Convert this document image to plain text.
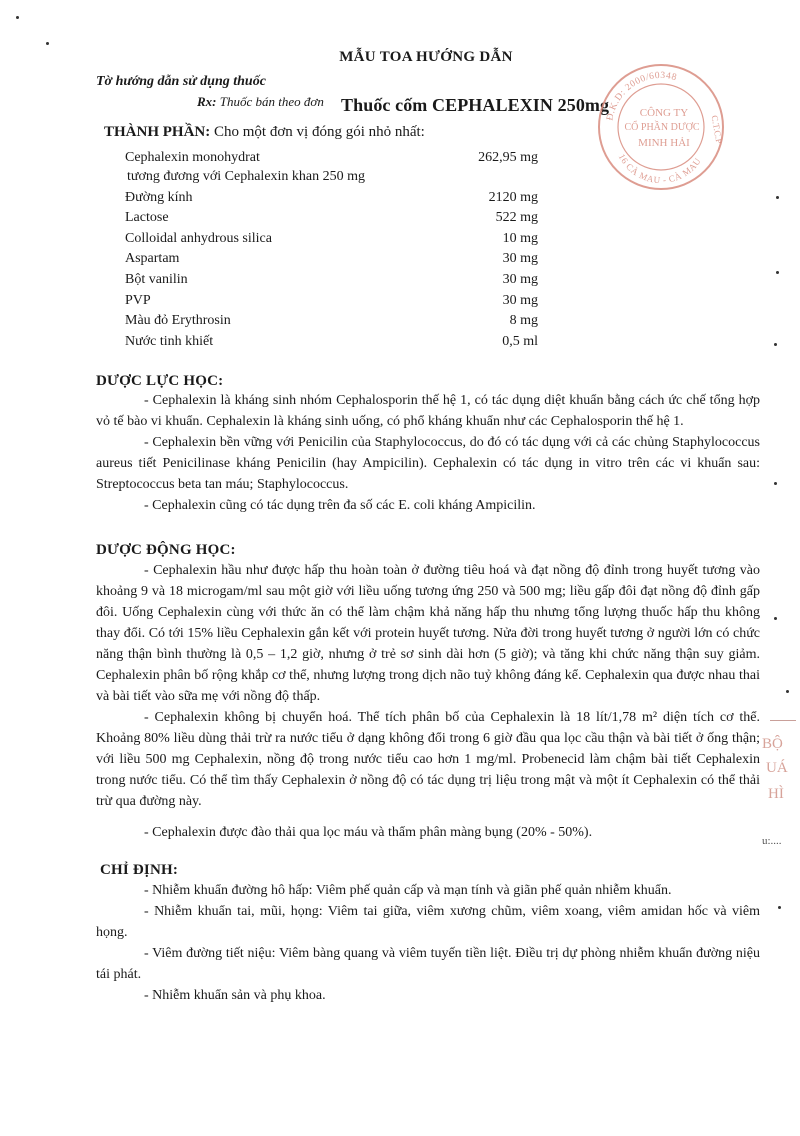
MẪU TOA HƯỚNG DẪN
Tờ hướng dẫn sử dụng thuốc
Rx: Thuốc bán theo đơn Thuốc cốm CEPHALEXIN 250mg
Đ.K.D: 2000/60348
16 CÀ MAU - CÀ MAU
C.T.C.P
CÔNG TY
CỔ PHẦN DƯỢC
MINH HẢI
THÀNH PHẦN: Cho một đơn vị đóng gói nhỏ nhất:
Cephalexin monohydrat	262,95 mg
tương đương với Cephalexin khan 250 mg
Đường kính	2120 mg
Lactose	522 mg
Colloidal anhydrous silica	10 mg
Aspartam	30 mg
Bột vanilin	30 mg
PVP	30 mg
Màu đỏ Erythrosin	8 mg
Nước tinh khiết	0,5 ml
DƯỢC LỰC HỌC:

- Cephalexin là kháng sinh nhóm Cephalosporin thế hệ 1, có tác dụng diệt khuẩn bằng cách ức chế tổng hợp vỏ tế bào vi khuẩn. Cephalexin là kháng sinh uống, có phổ kháng khuẩn như các Cephalosporin thế hệ 1.

- Cephalexin bền vững với Penicilin của Staphylococcus, do đó có tác dụng với cả các chủng Staphylococcus aureus tiết Penicilinase kháng Penicilin (hay Ampicilin). Cephalexin có tác dụng in vitro trên các vi khuẩn sau: Streptococcus beta tan máu; Staphylococcus.

- Cephalexin cũng có tác dụng trên đa số các E. coli kháng Ampicilin.

DƯỢC ĐỘNG HỌC:

- Cephalexin hầu như được hấp thu hoàn toàn ở đường tiêu hoá và đạt nồng độ đỉnh trong huyết tương vào khoảng 9 và 18 microgam/ml sau một giờ với liều uống tương ứng 250 và 500 mg; liều gấp đôi đạt nồng độ đỉnh gấp đôi. Uống Cephalexin cùng với thức ăn có thể làm chậm khả năng hấp thu nhưng tổng lượng thuốc hấp thu không thay đổi. Có tới 15% liều Cephalexin gắn kết với protein huyết tương. Nửa đời trong huyết tương ở người lớn có chức năng thận bình thường là 0,5 – 1,2 giờ, nhưng ở trẻ sơ sinh dài hơn (5 giờ); và tăng khi chức năng thận suy giảm. Cephalexin phân bố rộng khắp cơ thể, nhưng lượng trong dịch não tuỷ không đáng kể. Cephalexin qua được nhau thai và bài tiết vào sữa mẹ với nồng độ thấp.

- Cephalexin không bị chuyển hoá. Thể tích phân bố của Cephalexin là 18 lít/1,78 m² diện tích cơ thể. Khoảng 80% liều dùng thải trừ ra nước tiểu ở dạng không đổi trong 6 giờ đầu qua lọc cầu thận và bài tiết ở ống thận; với liều 500 mg Cephalexin, nồng độ trong nước tiểu cao hơn 1 mg/ml. Probenecid làm chậm bài tiết Cephalexin trong nước tiểu. Có thể tìm thấy Cephalexin ở nồng độ có tác dụng trị liệu trong mật và một ít Cephalexin có thể thải trừ qua đường này.

- Cephalexin được đào thải qua lọc máu và thẩm phân màng bụng (20% - 50%).

CHỈ ĐỊNH:

- Nhiễm khuẩn đường hô hấp: Viêm phế quản cấp và mạn tính và giãn phế quản nhiễm khuẩn.

- Nhiễm khuẩn tai, mũi, họng: Viêm tai giữa, viêm xương chũm, viêm xoang, viêm amidan hốc và viêm họng.

- Viêm đường tiết niệu: Viêm bàng quang và viêm tuyến tiền liệt. Điều trị dự phòng nhiễm khuẩn đường niệu tái phát.

- Nhiễm khuẩn sản và phụ khoa.

BỘ
UÁ
HÌ
u:....
